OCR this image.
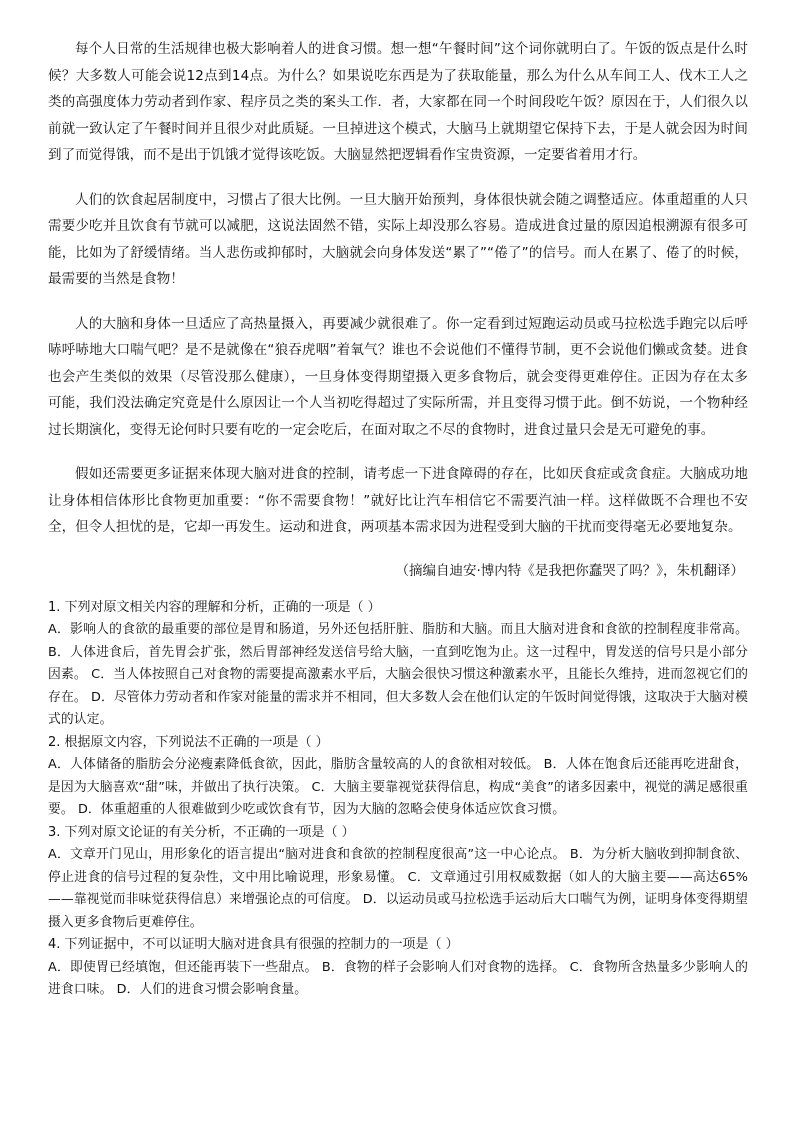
每个人日常的生活规律也极大影响着人的进食习惯。想一想“午餐时间”这个词你就明白了。午饭的饭点是什么时候？大多数人可能会说12点到14点。为什么？如果说吃东西是为了获取能量，那么为什么从车间工人、伐木工人之类的高强度体力劳动者到作家、程序员之类的案头工作．者，大家都在同一个时间段吃午饭？原因在于，人们很久以前就一致认定了午餐时间并且很少对此质疑。一旦掉进这个模式，大脑马上就期望它保持下去，于是人就会因为时间到了而觉得饿，而不是出于饥饿才觉得该吃饭。大脑显然把逻辑看作宝贵资源，一定要省着用才行。

人们的饮食起居制度中，习惯占了很大比例。一旦大脑开始预判，身体很快就会随之调整适应。体重超重的人只需要少吃并且饮食有节就可以减肥，这说法固然不错，实际上却没那么容易。造成进食过量的原因追根溯源有很多可能，比如为了舒缓情绪。当人悲伤或抑郁时，大脑就会向身体发送“累了”“倦了”的信号。而人在累了、倦了的时候，最需要的当然是食物！

人的大脑和身体一旦适应了高热量摄入，再要减少就很难了。你一定看到过短跑运动员或马拉松选手跑完以后呼哧呼哧地大口喘气吧？是不是就像在“狼吞虎咽”着氧气？谁也不会说他们不懂得节制，更不会说他们懒或贪婪。进食也会产生类似的效果（尽管没那么健康），一旦身体变得期望摄入更多食物后，就会变得更难停住。正因为存在太多可能，我们没法确定究竟是什么原因让一个人当初吃得超过了实际所需，并且变得习惯于此。倒不妨说，一个物种经过长期演化，变得无论何时只要有吃的一定会吃后，在面对取之不尽的食物时，进食过量只会是无可避免的事。

假如还需要更多证据来体现大脑对进食的控制，请考虑一下进食障碍的存在，比如厌食症或贪食症。大脑成功地让身体相信体形比食物更加重要：“你不需要食物！”就好比让汽车相信它不需要汽油一样。这样做既不合理也不安全，但令人担忧的是，它却一再发生。运动和进食，两项基本需求因为进程受到大脑的干扰而变得毫无必要地复杂。

（摘编自迪安·博内特《是我把你蠢哭了吗？》，朱机翻译）
1. 下列对原文相关内容的理解和分析，正确的一项是（ ）
A．影响人的食欲的最重要的部位是胃和肠道，另外还包括肝脏、脂肪和大脑。而且大脑对进食和食欲的控制程度非常高。 B．人体进食后，首先胃会扩张，然后胃部神经发送信号给大脑，一直到吃饱为止。这一过程中，胃发送的信号只是小部分因素。 C．当人体按照自己对食物的需要提高激素水平后，大脑会很快习惯这种激素水平，且能长久维持，进而忽视它们的存在。 D．尽管体力劳动者和作家对能量的需求并不相同，但大多数人会在他们认定的午饭时间觉得饿，这取决于大脑对模式的认定。
2. 根据原文内容，下列说法不正确的一项是（ ）
A．人体储备的脂肪会分泌瘦素降低食欲，因此，脂肪含量较高的人的食欲相对较低。 B．人体在饱食后还能再吃进甜食，是因为大脑喜欢“甜”味，并做出了执行决策。 C．大脑主要靠视觉获得信息，构成“美食”的诸多因素中，视觉的满足感很重要。 D．体重超重的人很难做到少吃或饮食有节，因为大脑的忽略会使身体适应饮食习惯。
3. 下列对原文论证的有关分析，不正确的一项是（ ）
A．文章开门见山，用形象化的语言提出“脑对进食和食欲的控制程度很高”这一中心论点。 B．为分析大脑收到抑制食欲、停止进食的信号过程的复杂性，文中用比喻说理，形象易懂。 C．文章通过引用权威数据（如人的大脑主要——高达65%——靠视觉而非味觉获得信息）来增强论点的可信度。 D．以运动员或马拉松选手运动后大口喘气为例，证明身体变得期望摄入更多食物后更难停住。
4. 下列证据中，不可以证明大脑对进食具有很强的控制力的一项是（ ）
A．即使胃已经填饱，但还能再装下一些甜点。 B．食物的样子会影响人们对食物的选择。 C．食物所含热量多少影响人的进食口味。 D．人们的进食习惯会影响食量。
